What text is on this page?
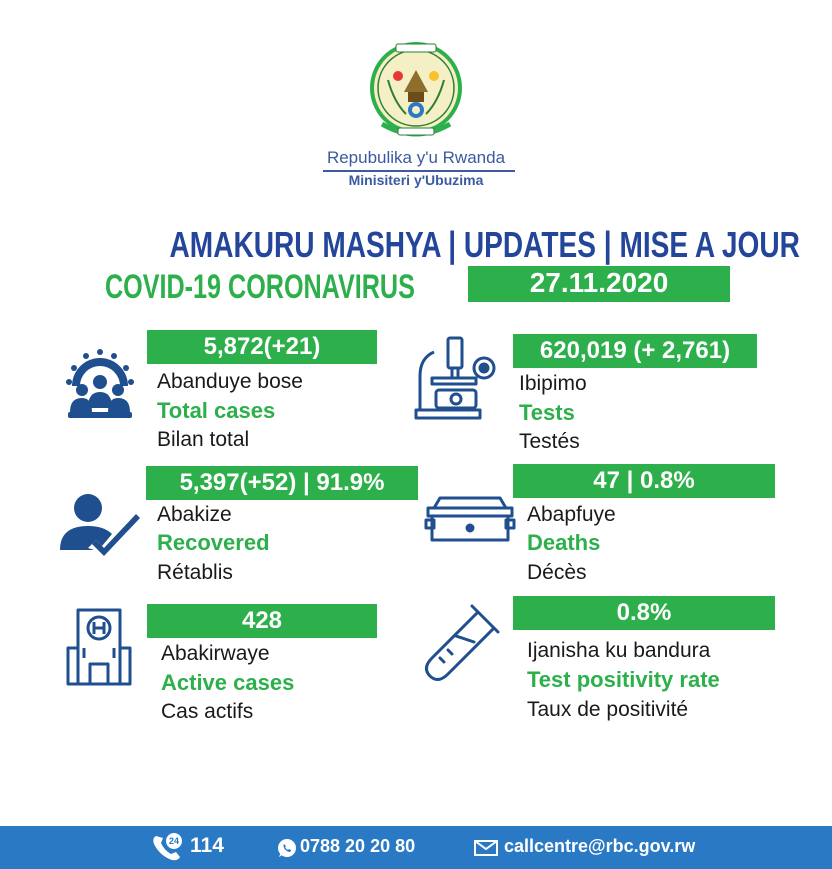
Repubulika y'u Rwanda
Minisiteri y'Ubuzima
AMAKURU MASHYA | UPDATES | MISE A JOUR
COVID-19 CORONAVIRUS	27.11.2020
5,872(+21)
Abanduye bose
Total cases
Bilan total
620,019 (+ 2,761)
Ibipimo
Tests
Testés
5,397(+52) | 91.9%
Abakize
Recovered
Rétablis
47 | 0.8%
Abapfuye
Deaths
Décès
428
Abakirwaye
Active cases
Cas actifs
0.8%
Ijanisha ku bandura
Test positivity rate
Taux de positivité
24 114	0788 20 20 80	callcentre@rbc.gov.rw
